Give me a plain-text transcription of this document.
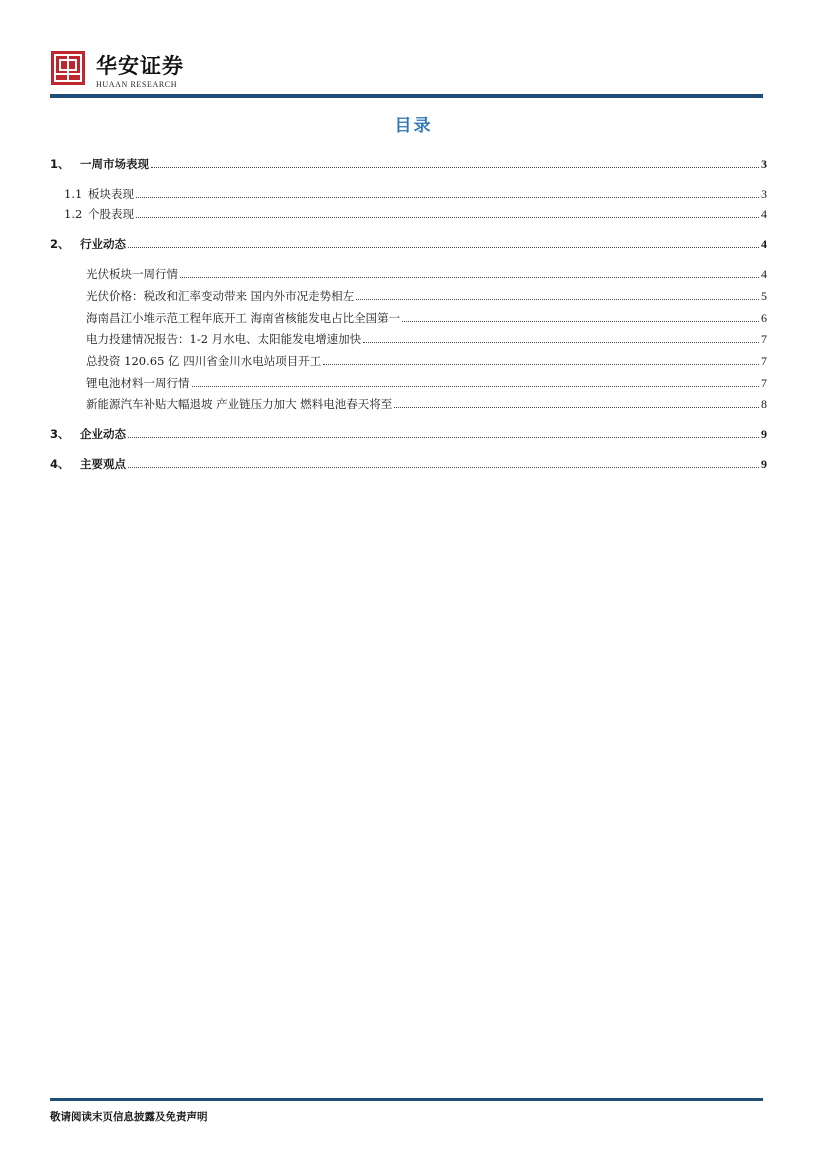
华安证券
HUAAN RESEARCH
目录
1、 一周市场表现	3
1.1 板块表现	3
1.2 个股表现	4
2、 行业动态	4
光伏板块一周行情	4
光伏价格：税改和汇率变动带来 国内外市况走势相左	5
海南昌江小堆示范工程年底开工 海南省核能发电占比全国第一	6
电力投建情况报告：1-2 月水电、太阳能发电增速加快	7
总投资 120.65 亿 四川省金川水电站项目开工	7
锂电池材料一周行情	7
新能源汽车补贴大幅退坡 产业链压力加大 燃料电池春天将至	8
3、 企业动态	9
4、 主要观点	9
敬请阅读末页信息披露及免责声明
